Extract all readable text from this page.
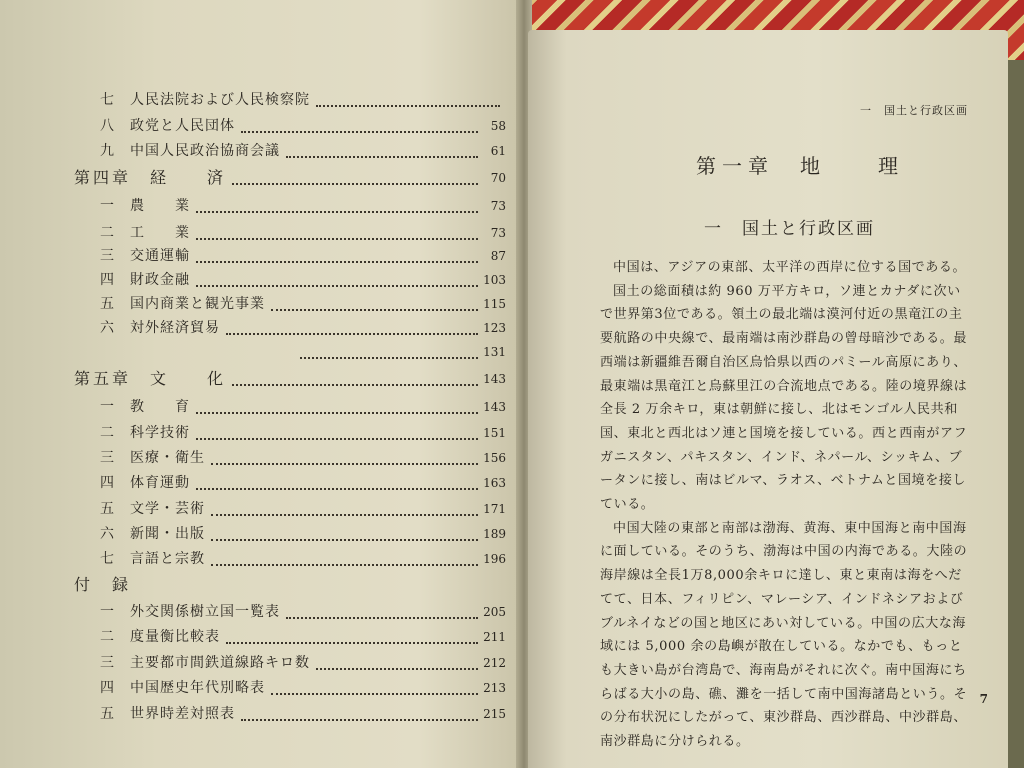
七	人民法院および人民検察院
八	政党と人民団体	58
九	中国人民政治協商会議	61
第四章　経　　済	70
一	農　　業	73
二	工　　業	73
三	交通運輸	87
四	財政金融	103
五	国内商業と観光事業	115
六	対外経済貿易	123
131
第五章　文　　化	143
一	教　　育	143
二	科学技術	151
三	医療・衛生	156
四	体育運動	163
五	文学・芸術	171
六	新聞・出版	189
七	言語と宗教	196
付　録
一	外交関係樹立国一覧表	205
二	度量衡比較表	211
三	主要都市間鉄道線路キロ数	212
四	中国歴史年代別略表	213
五	世界時差対照表	215
一　国土と行政区画
第一章　地　　理
一　国土と行政区画

中国は、アジアの東部、太平洋の西岸に位する国である。

国土の総面積は約 960 万平方キロ，ソ連とカナダに次いで世界第3位である。領土の最北端は漠河付近の黒竜江の主要航路の中央線で、最南端は南沙群島の曾母暗沙である。最西端は新疆維吾爾自治区烏恰県以西のパミール高原にあり、最東端は黒竜江と烏蘇里江の合流地点である。陸の境界線は全長 2 万余キロ，東は朝鮮に接し、北はモンゴル人民共和国、東北と西北はソ連と国境を接している。西と西南がアフガニスタン、パキスタン、インド、ネパール、シッキム、ブータンに接し、南はビルマ、ラオス、ベトナムと国境を接している。

中国大陸の東部と南部は渤海、黄海、東中国海と南中国海に面している。そのうち、渤海は中国の内海である。大陸の海岸線は全長1万8,000余キロに達し、東と東南は海をへだてて、日本、フィリピン、マレーシア、インドネシアおよびブルネイなどの国と地区にあい対している。中国の広大な海域には 5,000 余の島嶼が散在している。なかでも、もっとも大きい島が台湾島で、海南島がそれに次ぐ。南中国海にちらばる大小の島、礁、灘を一括して南中国海諸島という。その分布状況にしたがって、東沙群島、西沙群島、中沙群島、南沙群島に分けられる。

7
